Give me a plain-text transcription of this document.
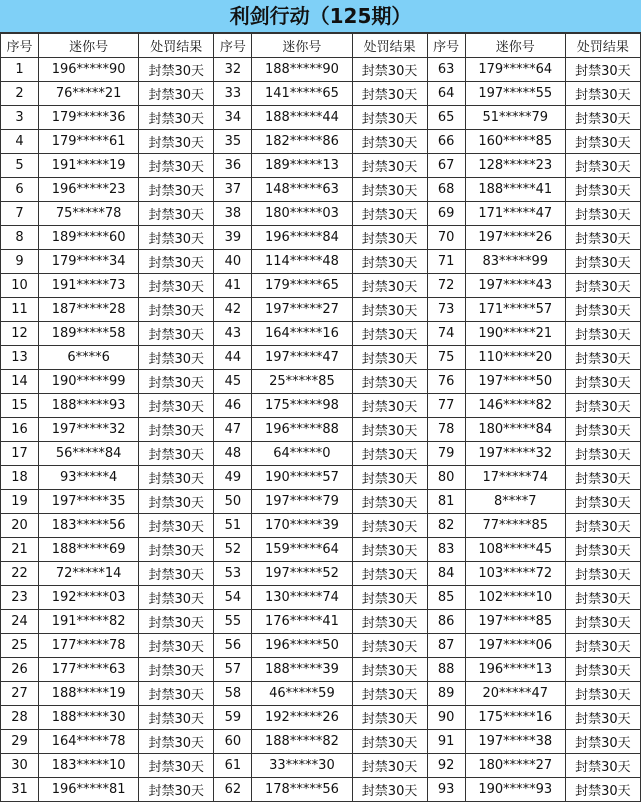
利剑行动（125期）
序号	迷你号	处罚结果	序号	迷你号	处罚结果	序号	迷你号	处罚结果
1	196*****90	封禁30天	32	188*****90	封禁30天	63	179*****64	封禁30天
2	76*****21	封禁30天	33	141*****65	封禁30天	64	197*****55	封禁30天
3	179*****36	封禁30天	34	188*****44	封禁30天	65	51*****79	封禁30天
4	179*****61	封禁30天	35	182*****86	封禁30天	66	160*****85	封禁30天
5	191*****19	封禁30天	36	189*****13	封禁30天	67	128*****23	封禁30天
6	196*****23	封禁30天	37	148*****63	封禁30天	68	188*****41	封禁30天
7	75*****78	封禁30天	38	180*****03	封禁30天	69	171*****47	封禁30天
8	189*****60	封禁30天	39	196*****84	封禁30天	70	197*****26	封禁30天
9	179*****34	封禁30天	40	114*****48	封禁30天	71	83*****99	封禁30天
10	191*****73	封禁30天	41	179*****65	封禁30天	72	197*****43	封禁30天
11	187*****28	封禁30天	42	197*****27	封禁30天	73	171*****57	封禁30天
12	189*****58	封禁30天	43	164*****16	封禁30天	74	190*****21	封禁30天
13	6****6	封禁30天	44	197*****47	封禁30天	75	110*****20	封禁30天
14	190*****99	封禁30天	45	25*****85	封禁30天	76	197*****50	封禁30天
15	188*****93	封禁30天	46	175*****98	封禁30天	77	146*****82	封禁30天
16	197*****32	封禁30天	47	196*****88	封禁30天	78	180*****84	封禁30天
17	56*****84	封禁30天	48	64*****0	封禁30天	79	197*****32	封禁30天
18	93*****4	封禁30天	49	190*****57	封禁30天	80	17*****74	封禁30天
19	197*****35	封禁30天	50	197*****79	封禁30天	81	8****7	封禁30天
20	183*****56	封禁30天	51	170*****39	封禁30天	82	77*****85	封禁30天
21	188*****69	封禁30天	52	159*****64	封禁30天	83	108*****45	封禁30天
22	72*****14	封禁30天	53	197*****52	封禁30天	84	103*****72	封禁30天
23	192*****03	封禁30天	54	130*****74	封禁30天	85	102*****10	封禁30天
24	191*****82	封禁30天	55	176*****41	封禁30天	86	197*****85	封禁30天
25	177*****78	封禁30天	56	196*****50	封禁30天	87	197*****06	封禁30天
26	177*****63	封禁30天	57	188*****39	封禁30天	88	196*****13	封禁30天
27	188*****19	封禁30天	58	46*****59	封禁30天	89	20*****47	封禁30天
28	188*****30	封禁30天	59	192*****26	封禁30天	90	175*****16	封禁30天
29	164*****78	封禁30天	60	188*****82	封禁30天	91	197*****38	封禁30天
30	183*****10	封禁30天	61	33*****30	封禁30天	92	180*****27	封禁30天
31	196*****81	封禁30天	62	178*****56	封禁30天	93	190*****93	封禁30天
